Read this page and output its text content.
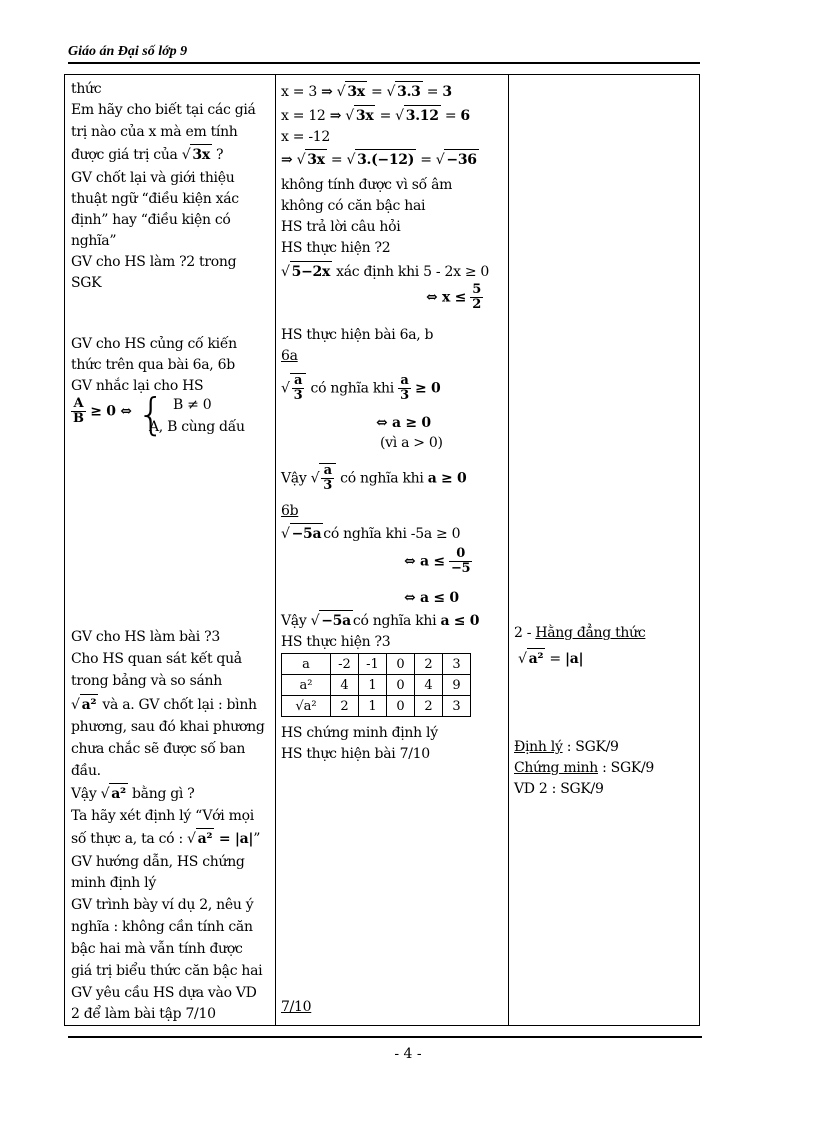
Giáo án Đại số lớp 9
thức
Em hãy cho biết tại các giá
trị nào của x mà em tính
được giá trị của √ 3x ?
GV chốt lại và giới thiệu
thuật ngữ “điều kiện xác
định” hay “điều kiện có
nghĩa”
GV cho HS làm ?2 trong
SGK
GV cho HS củng cố kiến
thức trên qua bài 6a, 6b
GV nhắc lại cho HS
$\frac{A}{B} \ge 0$ ⇔ { B ≠ 0
A, B cùng dấu
GV cho HS làm bài ?3
Cho HS quan sát kết quả
trong bảng và so sánh
√ a² và a. GV chốt lại : bình
phương, sau đó khai phương
chưa chắc sẽ được số ban
đầu.
Vậy √ a² bằng gì ?
Ta hãy xét định lý “Với mọi
số thực a, ta có : √ a² = |a|”
GV hướng dẫn, HS chứng
minh định lý
GV trình bày ví dụ 2, nêu ý
nghĩa : không cần tính căn
bậc hai mà vẫn tính được
giá trị biểu thức căn bậc hai
GV yêu cầu HS dựa vào VD
2 để làm bài tập 7/10
x = 3 ⇒ √ 3x = √ 3.3 = 3
x = 12 ⇒ √ 3x = √ 3.12 = 6
x = -12
⇒ √ 3x = √ 3.(−12) = √ −36
không tính được vì số âm
không có căn bậc hai
HS trả lời câu hỏi
HS thực hiện ?2
√ 5−2x xác định khi 5 - 2x ≥ 0
⇔ $x \le \frac{5}{2}$
HS thực hiện bài 6a, b
6a
√ $\frac{a}{3}$ có nghĩa khi $\frac{a}{3} \ge 0$
⇔ a ≥ 0
(vì a > 0)
Vậy √ $\frac{a}{3}$ có nghĩa khi a ≥ 0
6b
√ −5a có nghĩa khi -5a ≥ 0
⇔ $a \le \frac{0}{-5}$
⇔ a ≤ 0
Vậy √ −5a có nghĩa khi a ≤ 0
HS thực hiện ?3
a	-2	-1	0	2	3
a²	4	1	0	4	9
√a²	2	1	0	2	3
HS chứng minh định lý
HS thực hiện bài 7/10
7/10
2 - Hằng đẳng thức
√ a² = |a|
Định lý : SGK/9
Chứng minh : SGK/9
VD 2 : SGK/9
- 4 -
